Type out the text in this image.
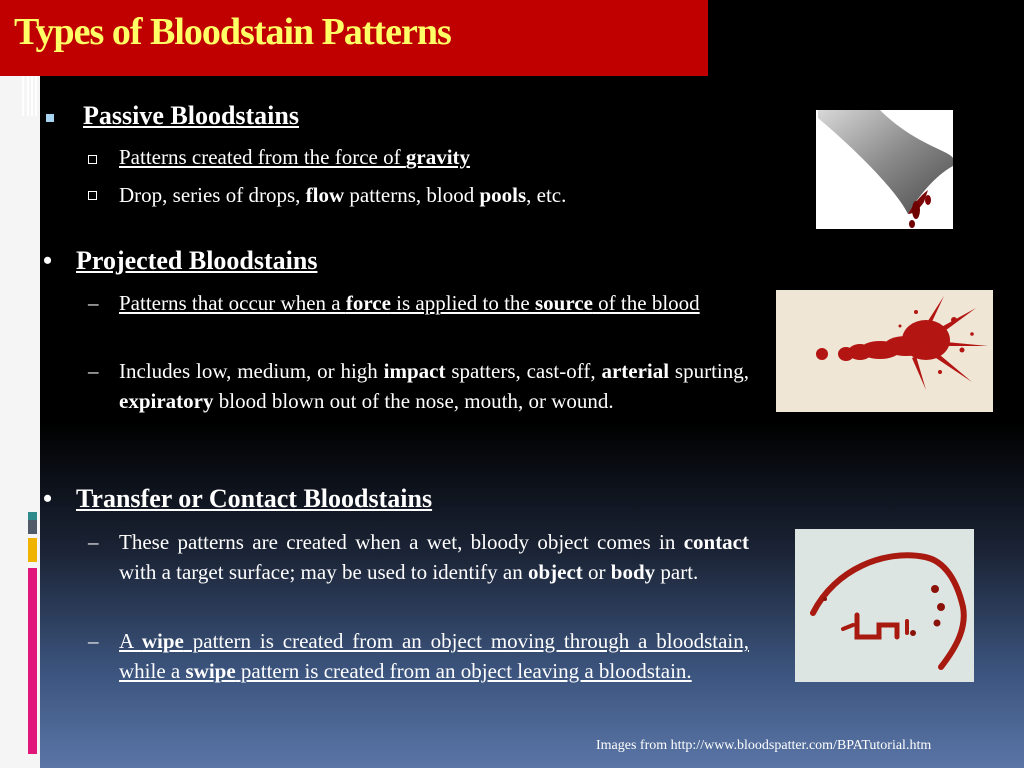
Types of Bloodstain Patterns
Passive Bloodstains
Patterns created from the force of gravity
Drop, series of drops, flow patterns, blood pools, etc.
• Projected Bloodstains
– Patterns that occur when a force is applied to the source of the blood
– Includes low, medium, or high impact spatters, cast-off, arterial spurting, expiratory blood blown out of the nose, mouth, or wound.
• Transfer or Contact Bloodstains
– These patterns are created when a wet, bloody object comes in contact with a target surface; may be used to identify an object or body part.
– A wipe pattern is created from an object moving through a bloodstain, while a swipe pattern is created from an object leaving a bloodstain.
Images from http://www.bloodspatter.com/BPATutorial.htm
